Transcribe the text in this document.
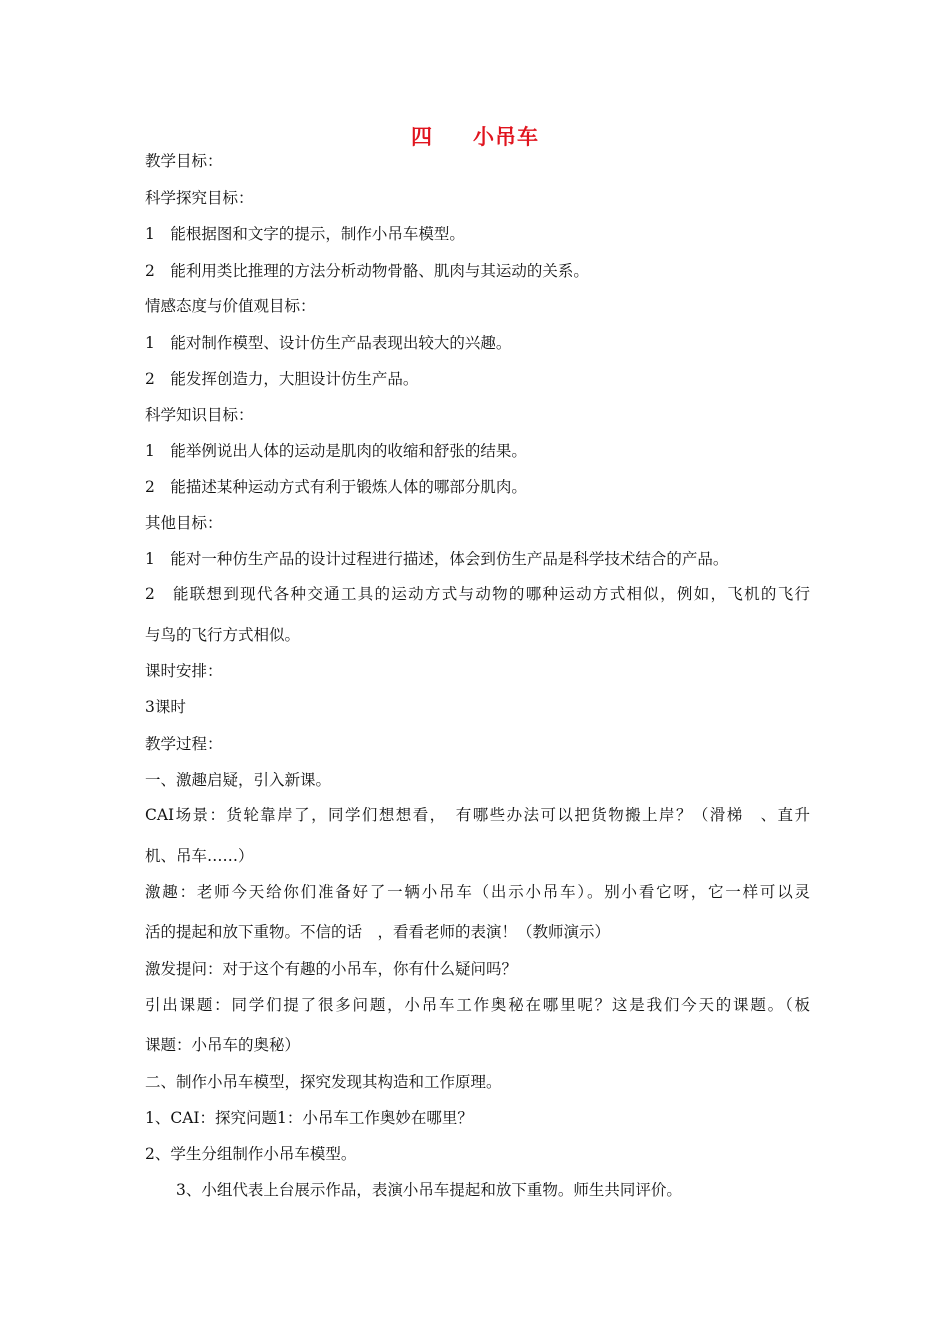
四 小吊车
教学目标：
科学探究目标：
1　能根据图和文字的提示，制作小吊车模型。
2　能利用类比推理的方法分析动物骨骼、肌肉与其运动的关系。
情感态度与价值观目标：
1　能对制作模型、设计仿生产品表现出较大的兴趣。
2　能发挥创造力，大胆设计仿生产品。
科学知识目标：
1　能举例说出人体的运动是肌肉的收缩和舒张的结果。
2　能描述某种运动方式有利于锻炼人体的哪部分肌肉。
其他目标：
1　能对一种仿生产品的设计过程进行描述，体会到仿生产品是科学技术结合的产品。
2　能联想到现代各种交通工具的运动方式与动物的哪种运动方式相似，例如，飞机的飞行
与鸟的飞行方式相似。
课时安排：
3课时
教学过程：
一、激趣启疑，引入新课。
CAI场景：货轮靠岸了，同学们想想看，　有哪些办法可以把货物搬上岸？（滑梯　、直升
机、吊车……）
激趣：老师今天给你们准备好了一辆小吊车（出示小吊车）。别小看它呀，它一样可以灵
活的提起和放下重物。不信的话　，看看老师的表演！（教师演示）
激发提问：对于这个有趣的小吊车，你有什么疑问吗？
引出课题：同学们提了很多问题，小吊车工作奥秘在哪里呢？这是我们今天的课题。（板
课题：小吊车的奥秘）
二、制作小吊车模型，探究发现其构造和工作原理。
1、CAI：探究问题1：小吊车工作奥妙在哪里？
2、学生分组制作小吊车模型。
3、小组代表上台展示作品，表演小吊车提起和放下重物。师生共同评价。
